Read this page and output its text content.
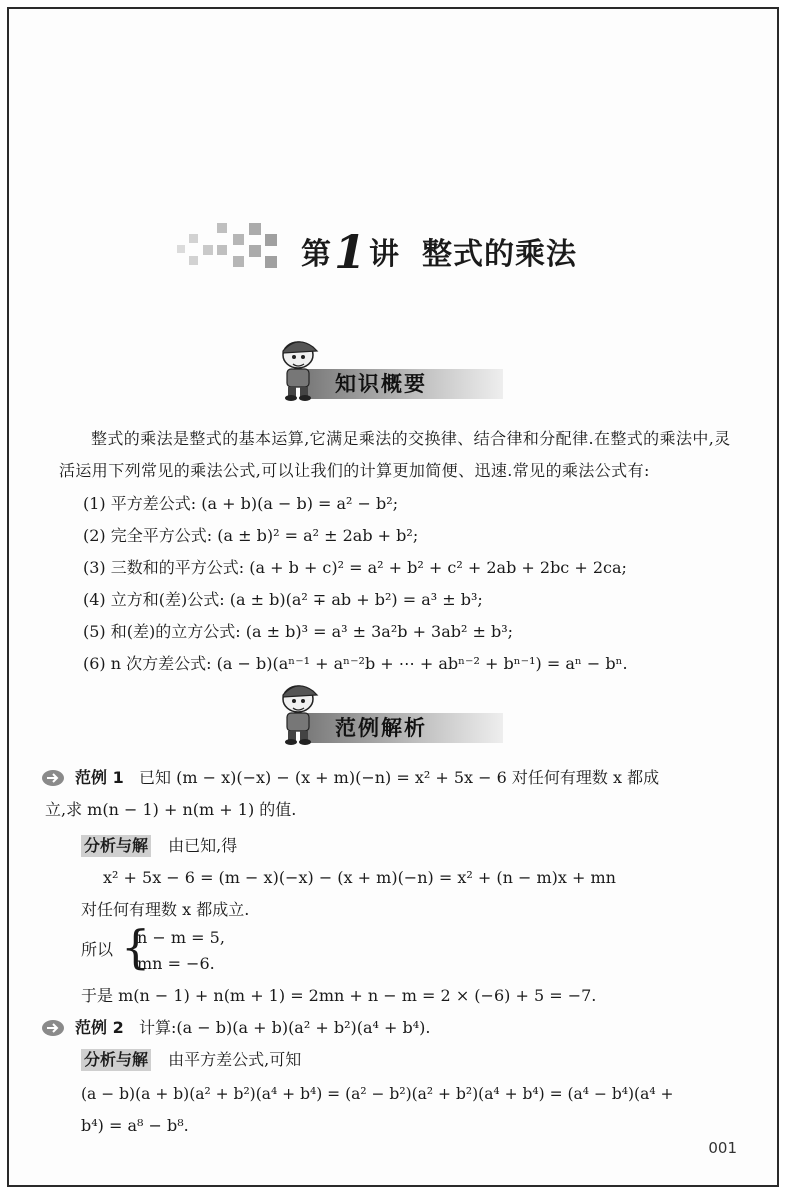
第1讲 整式的乘法
知识概要
整式的乘法是整式的基本运算,它满足乘法的交换律、结合律和分配律.在整式的乘法中,灵活运用下列常见的乘法公式,可以让我们的计算更加简便、迅速.常见的乘法公式有:
(1) 平方差公式: (a + b)(a − b) = a² − b²;
(2) 完全平方公式: (a ± b)² = a² ± 2ab + b²;
(3) 三数和的平方公式: (a + b + c)² = a² + b² + c² + 2ab + 2bc + 2ca;
(4) 立方和(差)公式: (a ± b)(a² ∓ ab + b²) = a³ ± b³;
(5) 和(差)的立方公式: (a ± b)³ = a³ ± 3a²b + 3ab² ± b³;
(6) n 次方差公式: (a − b)(aⁿ⁻¹ + aⁿ⁻²b + ⋯ + abⁿ⁻² + bⁿ⁻¹) = aⁿ − bⁿ.
范例解析
范例 1 已知 (m − x)(−x) − (x + m)(−n) = x² + 5x − 6 对任何有理数 x 都成
立,求 m(n − 1) + n(m + 1) 的值.
分析与解 由已知,得
x² + 5x − 6 = (m − x)(−x) − (x + m)(−n) = x² + (n − m)x + mn
对任何有理数 x 都成立.
所以 {
n − m = 5,
mn = −6.
于是 m(n − 1) + n(m + 1) = 2mn + n − m = 2 × (−6) + 5 = −7.
范例 2 计算:(a − b)(a + b)(a² + b²)(a⁴ + b⁴).
分析与解 由平方差公式,可知
(a − b)(a + b)(a² + b²)(a⁴ + b⁴) = (a² − b²)(a² + b²)(a⁴ + b⁴) = (a⁴ − b⁴)(a⁴ +
b⁴) = a⁸ − b⁸.
001
